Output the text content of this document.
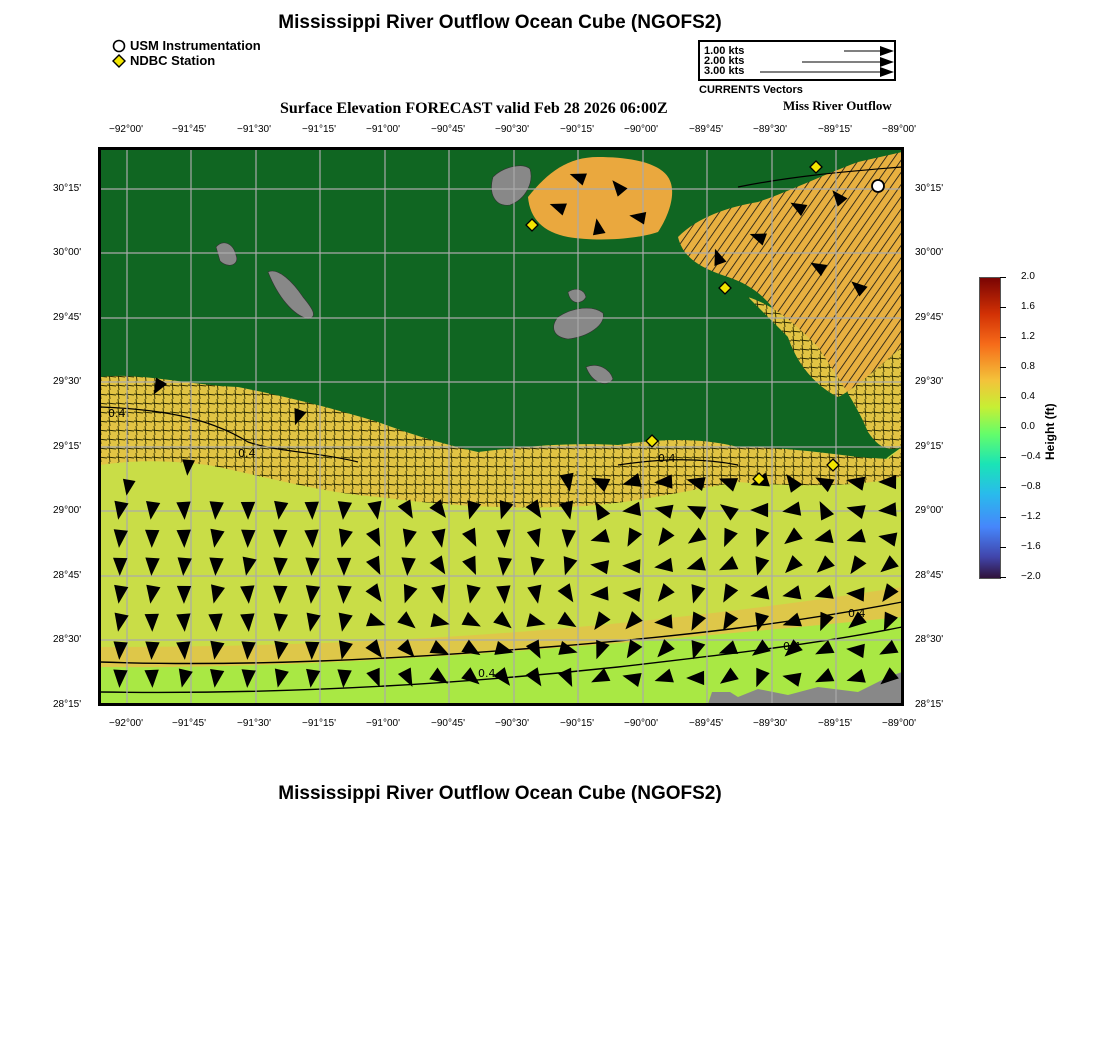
Mississippi River Outflow Ocean Cube (NGOFS2)
USM Instrumentation
NDBC Station
1.00 kts
2.00 kts
3.00 kts
CURRENTS Vectors
Surface Elevation FORECAST valid Feb 28 2026 06:00Z	Miss River Outflow
−92°00'	−91°45'	−91°30'	−91°15'	−91°00'	−90°45'	−90°30'	−90°15'	−90°00'	−89°45'	−89°30'	−89°15'	−89°00'
−92°00'	−91°45'	−91°30'	−91°15'	−91°00'	−90°45'	−90°30'	−90°15'	−90°00'	−89°45'	−89°30'	−89°15'	−89°00'
30°15'
30°00'
29°45'
29°30'
29°15'
29°00'
28°45'
28°30'
28°15'
30°15'
30°00'
29°45'
29°30'
29°15'
29°00'
28°45'
28°30'
28°15'
0.4
0.4	0.4
0.4
0.4
0.4
2.0
1.6
1.2
0.8
0.4
0.0
−0.4
−0.8
−1.2
−1.6
−2.0
Height (ft)
Mississippi River Outflow Ocean Cube (NGOFS2)
